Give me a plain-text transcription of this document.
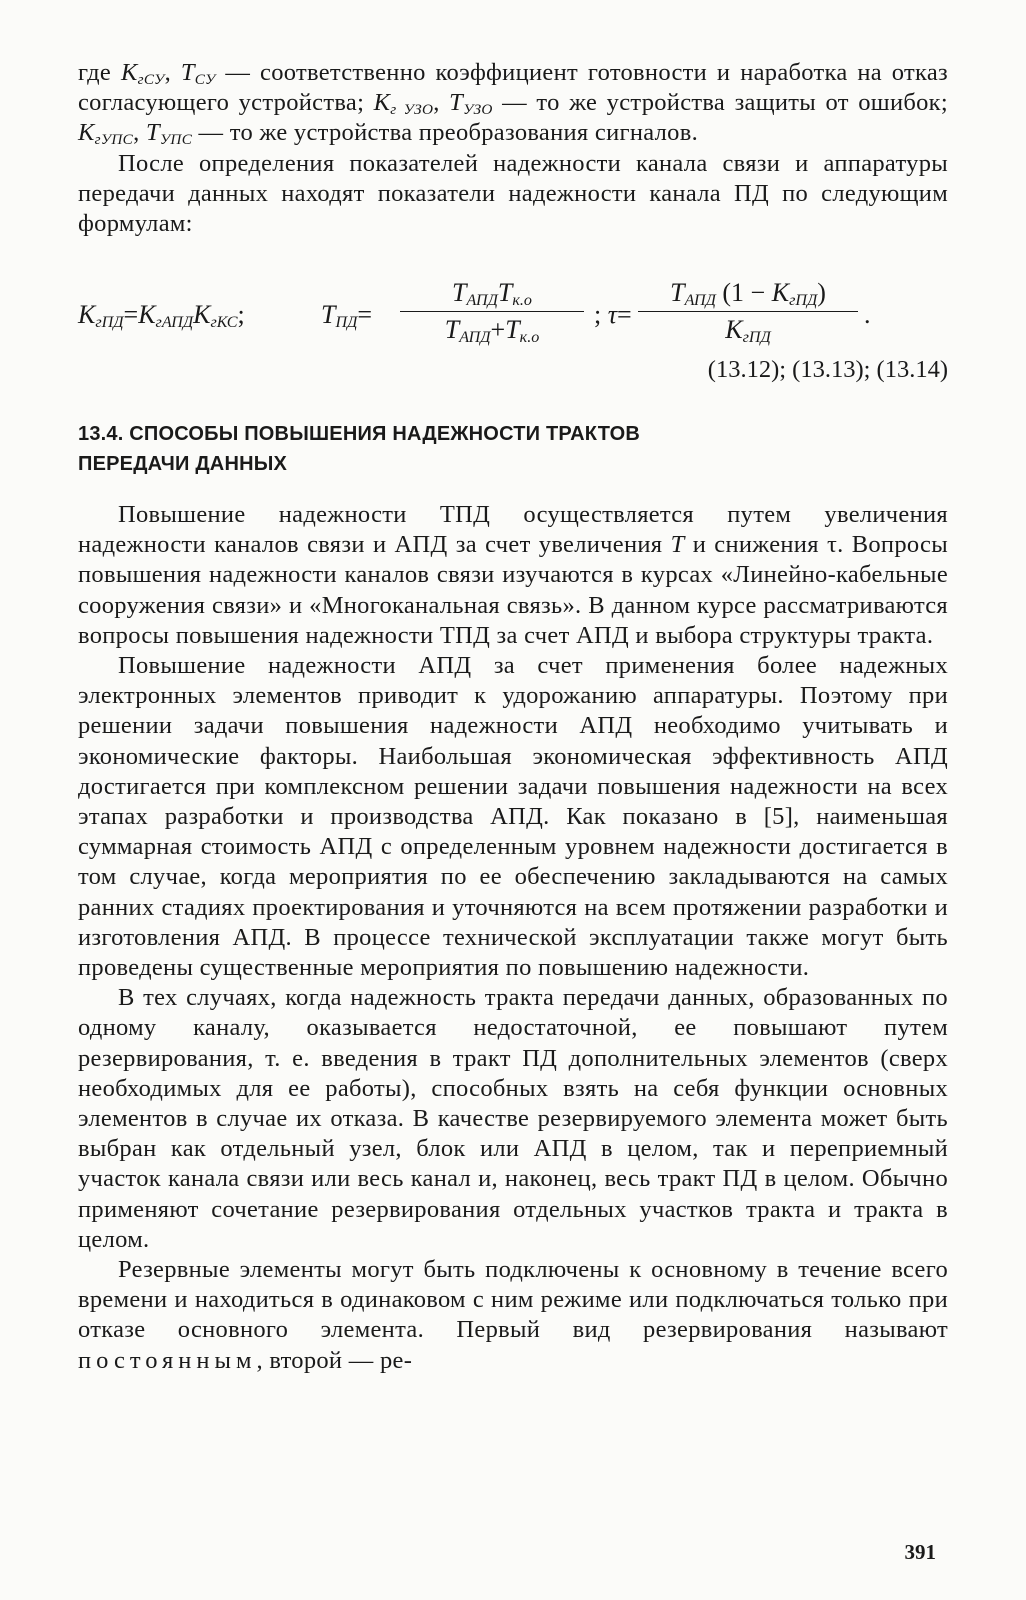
где $K_{гСУ}$, $T_{СУ}$ — соответственно коэффициент готовности и наработка на отказ согласующего устройства; $K_{г УЗО}$, $T_{УЗО}$ — то же устройства защиты от ошибок; $K_{гУПС}$, $T_{УПС}$ — то же устройства преобразования сигналов.

После определения показателей надежности канала связи и аппаратуры передачи данных находят показатели надежности канала ПД по следующим формулам:

$K_{гПД}=K_{гАПД}K_{гКС}$;	$T_{ПД}=$
$T_{АПД}T_{к.о}$
$T_{АПД}+T_{к.о}$
; τ=
$T_{АПД}$ $(1 - K_{гПД})$
$K_{гПД}$
.
(13.12); (13.13); (13.14)
13.4. СПОСОБЫ ПОВЫШЕНИЯ НАДЕЖНОСТИ ТРАКТОВ
ПЕРЕДАЧИ ДАННЫХ

Повышение надежности ТПД осуществляется путем увеличения надежности каналов связи и АПД за счет увеличения T и снижения τ. Вопросы повышения надежности каналов связи изучаются в курсах «Линейно-кабельные сооружения связи» и «Многоканальная связь». В данном курсе рассматриваются вопросы повышения надежности ТПД за счет АПД и выбора структуры тракта.

Повышение надежности АПД за счет применения более надежных электронных элементов приводит к удорожанию аппаратуры. Поэтому при решении задачи повышения надежности АПД необходимо учитывать и экономические факторы. Наибольшая экономическая эффективность АПД достигается при комплексном решении задачи повышения надежности на всех этапах разработки и производства АПД. Как показано в [5], наименьшая суммарная стоимость АПД с определенным уровнем надежности достигается в том случае, когда мероприятия по ее обеспечению закладываются на самых ранних стадиях проектирования и уточняются на всем протяжении разработки и изготовления АПД. В процессе технической эксплуатации также могут быть проведены существенные мероприятия по повышению надежности.

В тех случаях, когда надежность тракта передачи данных, образованных по одному каналу, оказывается недостаточной, ее повышают путем резервирования, т. е. введения в тракт ПД дополнительных элементов (сверх необходимых для ее работы), способных взять на себя функции основных элементов в случае их отказа. В качестве резервируемого элемента может быть выбран как отдельный узел, блок или АПД в целом, так и переприемный участок канала связи или весь канал и, наконец, весь тракт ПД в целом. Обычно применяют сочетание резервирования отдельных участков тракта и тракта в целом.

Резервные элементы могут быть подключены к основному в течение всего времени и находиться в одинаковом с ним режиме или подключаться только при отказе основного элемента. Первый вид резервирования называют постоянным, второй — ре-

391
